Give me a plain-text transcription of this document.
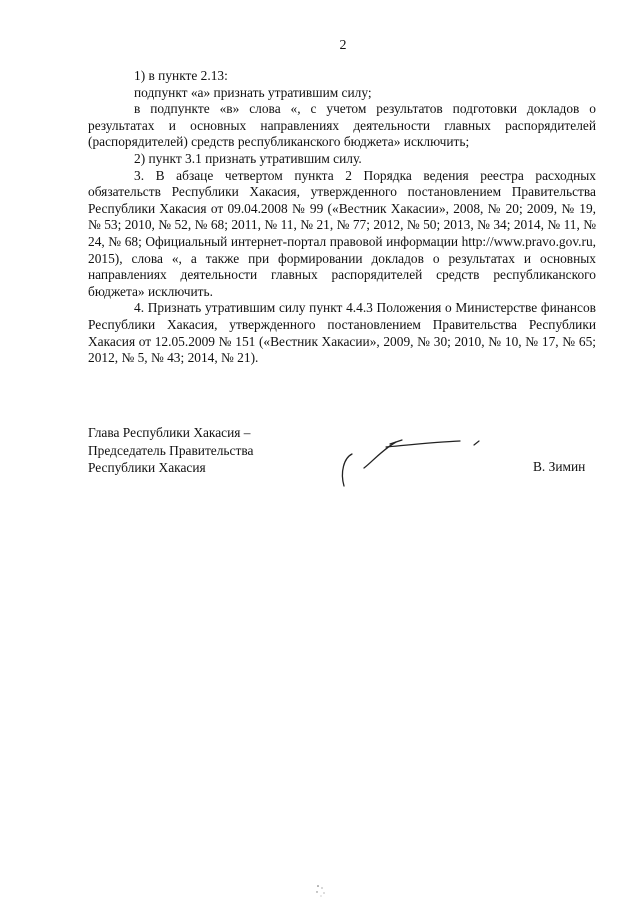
2

1) в пункте 2.13:

подпункт «а» признать утратившим силу;

в подпункте «в» слова «, с учетом результатов подготовки докладов о результатах и основных направлениях деятельности главных распорядителей (распорядителей) средств республиканского бюджета» исключить;

2) пункт 3.1 признать утратившим силу.

3. В абзаце четвертом пункта 2 Порядка ведения реестра расходных обязательств Республики Хакасия, утвержденного постановлением Правительства Республики Хакасия от 09.04.2008 № 99 («Вестник Хакасии», 2008, № 20; 2009, № 19, № 53; 2010, № 52, № 68; 2011, № 11, № 21, № 77; 2012, № 50; 2013, № 34; 2014, № 11, № 24, № 68; Официальный интернет-портал правовой информации http://www.pravo.gov.ru, 2015), слова «, а также при формировании докладов о результатах и основных направлениях деятельности главных распорядителей средств республиканского бюджета» исключить.

4. Признать утратившим силу пункт 4.4.3 Положения о Министерстве финансов Республики Хакасия, утвержденного постановлением Правительства Республики Хакасия от 12.05.2009 № 151 («Вестник Хакасии», 2009, № 30; 2010, № 10, № 17, № 65; 2012, № 5, № 43; 2014, № 21).

Глава Республики Хакасия –
Председатель Правительства
Республики Хакасия	В. Зимин
